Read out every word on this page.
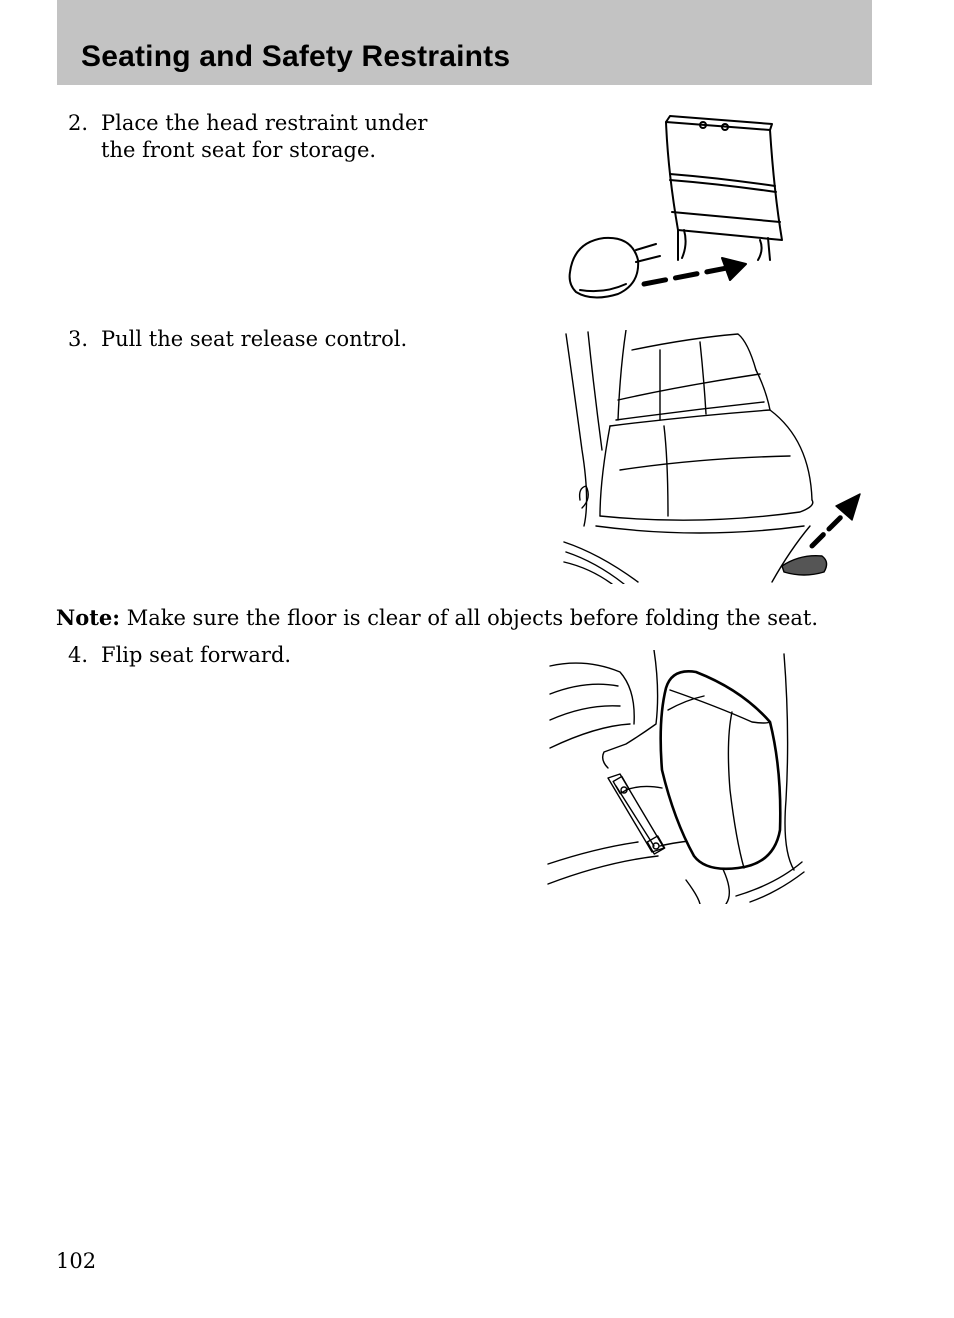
Seating and Safety Restraints
2. Place the head restraint under
the front seat for storage.
3. Pull the seat release control.
Note: Make sure the floor is clear of all objects before folding the seat.
4. Flip seat forward.
102
